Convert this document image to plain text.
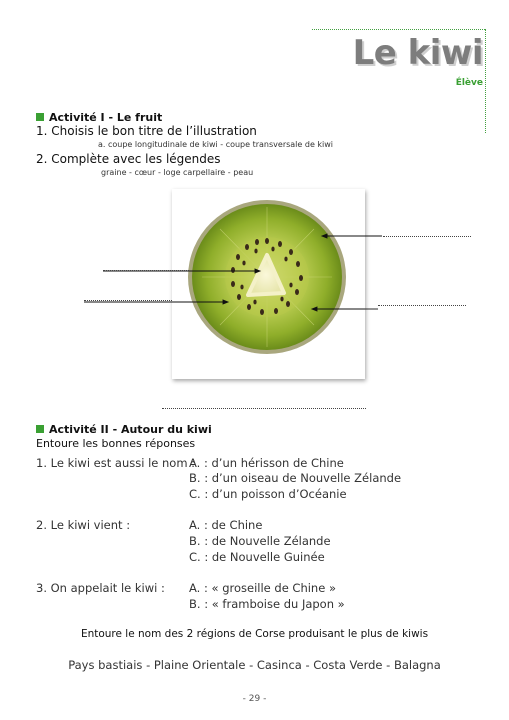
Le kiwi
Élève
Activité I - Le fruit
1. Choisis le bon titre de l’illustration
a. coupe longitudinale de kiwi - coupe transversale de kiwi
2. Complète avec les légendes
graine - cœur - loge carpellaire - peau
Activité II - Autour du kiwi
Entoure les bonnes réponses
1. Le kiwi est aussi le nom :
A. : d’un hérisson de Chine
B. : d’un oiseau de Nouvelle Zélande
C. : d’un poisson d’Océanie
2. Le kiwi vient :	A. : de Chine
B. : de Nouvelle Zélande
C. : de Nouvelle Guinée
3. On appelait le kiwi : A. : « groseille de Chine »
B. : « framboise du Japon »
Entoure le nom des 2 régions de Corse produisant le plus de kiwis
Pays bastiais - Plaine Orientale - Casinca - Costa Verde - Balagna
- 29 -
